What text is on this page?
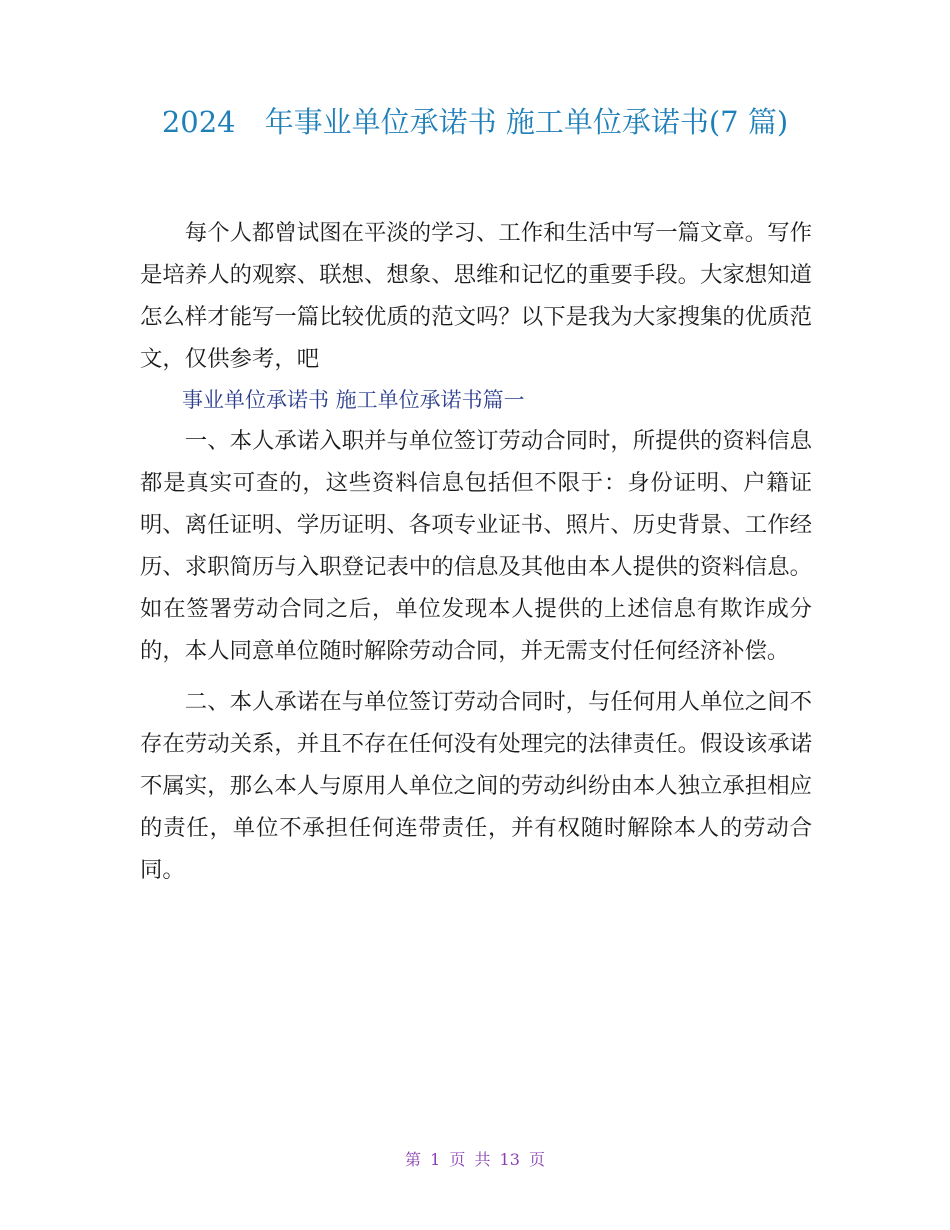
2024　年事业单位承诺书 施工单位承诺书(7 篇)

每个人都曾试图在平淡的学习、工作和生活中写一篇文章。写作是培养人的观察、联想、想象、思维和记忆的重要手段。大家想知道怎么样才能写一篇比较优质的范文吗？以下是我为大家搜集的优质范文，仅供参考，吧

事业单位承诺书 施工单位承诺书篇一

一、本人承诺入职并与单位签订劳动合同时，所提供的资料信息都是真实可查的，这些资料信息包括但不限于：身份证明、户籍证明、离任证明、学历证明、各项专业证书、照片、历史背景、工作经历、求职简历与入职登记表中的信息及其他由本人提供的资料信息。如在签署劳动合同之后，单位发现本人提供的上述信息有欺诈成分的，本人同意单位随时解除劳动合同，并无需支付任何经济补偿。

二、本人承诺在与单位签订劳动合同时，与任何用人单位之间不存在劳动关系，并且不存在任何没有处理完的法律责任。假设该承诺不属实，那么本人与原用人单位之间的劳动纠纷由本人独立承担相应的责任，单位不承担任何连带责任，并有权随时解除本人的劳动合同。

第 1 页 共 13 页
